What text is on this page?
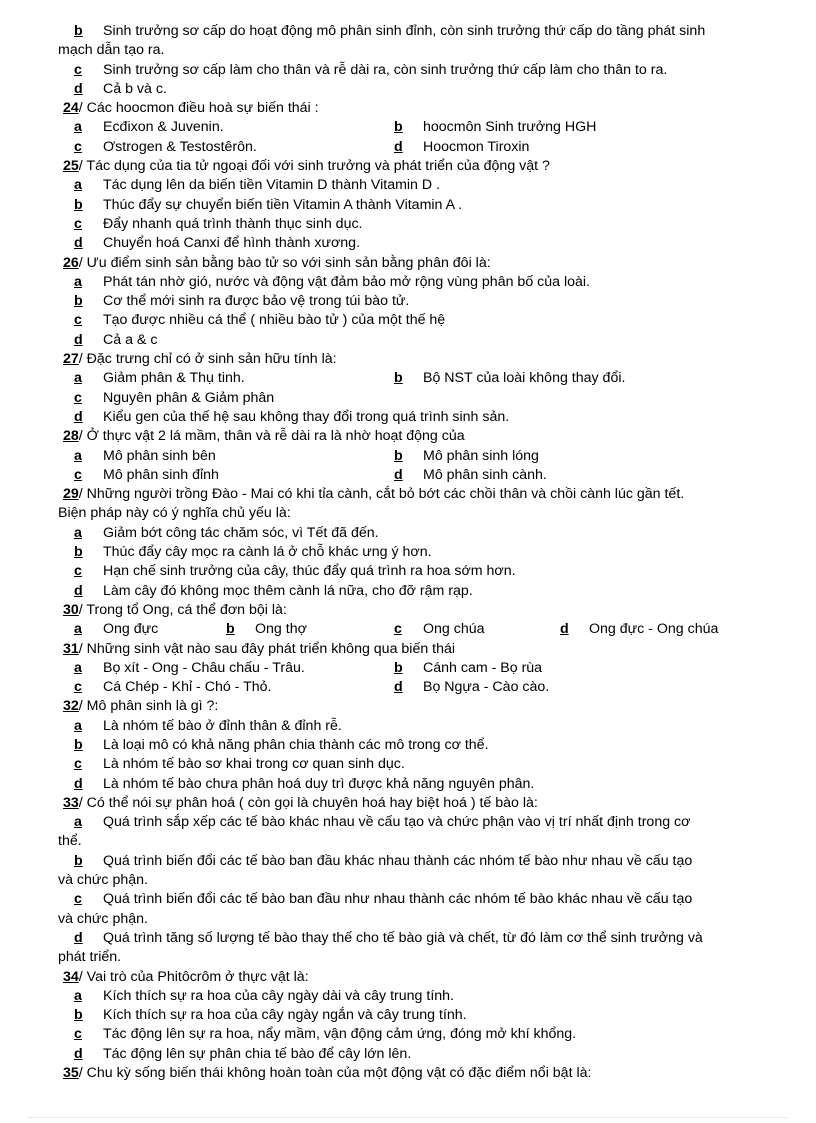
b Sinh trưởng sơ cấp do hoạt động mô phân sinh đỉnh, còn sinh trưởng thứ cấp do tầng phát sinh
mạch dẫn tạo ra.
c Sinh trưởng sơ cấp làm cho thân và rễ dài ra, còn sinh trưởng thứ cấp làm cho thân to ra.
d Cả b và c.
24/ Các hoocmon điều hoà sự biến thái :
a Ecđixon & Juvenin.	b hoocmôn Sinh trưởng HGH
c Ơstrogen & Testostêrôn.	d Hoocmon Tiroxin
25/ Tác dụng của tia tử ngoại đối với sinh trưởng và phát triển của động vật ?
a Tác dụng lên da biến tiền Vitamin D thành Vitamin D .
b Thúc đẩy sự chuyển biến tiền Vitamin A thành Vitamin A .
c Đẩy nhanh quá trình thành thục sinh dục.
d Chuyển hoá Canxi để hình thành xương.
26/ Ưu điểm sinh sản bằng bào tử so với sinh sản bằng phân đôi là:
a Phát tán nhờ gió, nước và động vật đảm bảo mở rộng vùng phân bố của loài.
b Cơ thể mới sinh ra được bảo vệ trong túi bào tử.
c Tạo được nhiều cá thể ( nhiều bào tử ) của một thế hệ
d Cả a & c
27/ Đặc trưng chỉ có ở sinh sản hữu tính là:
a Giảm phân & Thụ tinh.	b Bộ NST của loài không thay đổi.
c Nguyên phân & Giảm phân
d Kiểu gen của thế hệ sau không thay đổi trong quá trình sinh sản.
28/ Ở thực vật 2 lá mầm, thân và rễ dài ra là nhờ hoạt động của
a Mô phân sinh bên	b Mô phân sinh lóng
c Mô phân sinh đỉnh	d Mô phân sinh cành.
29/ Những người trồng Đào - Mai có khi tỉa cành, cắt bỏ bớt các chồi thân và chồi cành lúc gần tết.
Biện pháp này có ý nghĩa chủ yếu là:
a Giảm bớt công tác chăm sóc, vì Tết đã đến.
b Thúc đẩy cây mọc ra cành lá ở chỗ khác ưng ý hơn.
c Hạn chế sinh trưởng của cây, thúc đẩy quá trình ra hoa sớm hơn.
d Làm cây đó không mọc thêm cành lá nữa, cho đỡ rậm rạp.
30/ Trong tổ Ong, cá thể đơn bội là:
a Ong đực	b Ong thợ	c Ong chúa	d Ong đực - Ong chúa
31/ Những sinh vật nào sau đây phát triển không qua biến thái
a Bọ xít - Ong - Châu chấu - Trâu.	b Cánh cam - Bọ rùa
c Cá Chép - Khỉ - Chó - Thỏ.	d Bọ Ngựa - Cào cào.
32/ Mô phân sinh là gì ?:
a Là nhóm tế bào ở đỉnh thân & đỉnh rễ.
b Là loại mô có khả năng phân chia thành các mô trong cơ thể.
c Là nhóm tế bào sơ khai trong cơ quan sinh dục.
d Là nhóm tế bào chưa phân hoá duy trì được khả năng nguyên phân.
33/ Có thể nói sự phân hoá ( còn gọi là chuyên hoá hay biệt hoá ) tế bào là:
a Quá trình sắp xếp các tế bào khác nhau về cấu tạo và chức phận vào vị trí nhất định trong cơ
thể.
b Quá trình biến đổi các tế bào ban đầu khác nhau thành các nhóm tế bào như nhau về cấu tạo
và chức phận.
c Quá trình biến đổi các tế bào ban đầu như nhau thành các nhóm tế bào khác nhau về cấu tạo
và chức phận.
d Quá trình tăng số lượng tế bào thay thế cho tế bào già và chết, từ đó làm cơ thể sinh trưởng và
phát triển.
34/ Vai trò của Phitôcrôm ở thực vật là:
a Kích thích sự ra hoa của cây ngày dài và cây trung tính.
b Kích thích sự ra hoa của cây ngày ngắn và cây trung tính.
c Tác động lên sự ra hoa, nẩy mầm, vận động cảm ứng, đóng mở khí khổng.
d Tác động lên sự phân chia tế bào để cây lớn lên.
35/ Chu kỳ sống biến thái không hoàn toàn của một động vật có đặc điểm nổi bật là:
